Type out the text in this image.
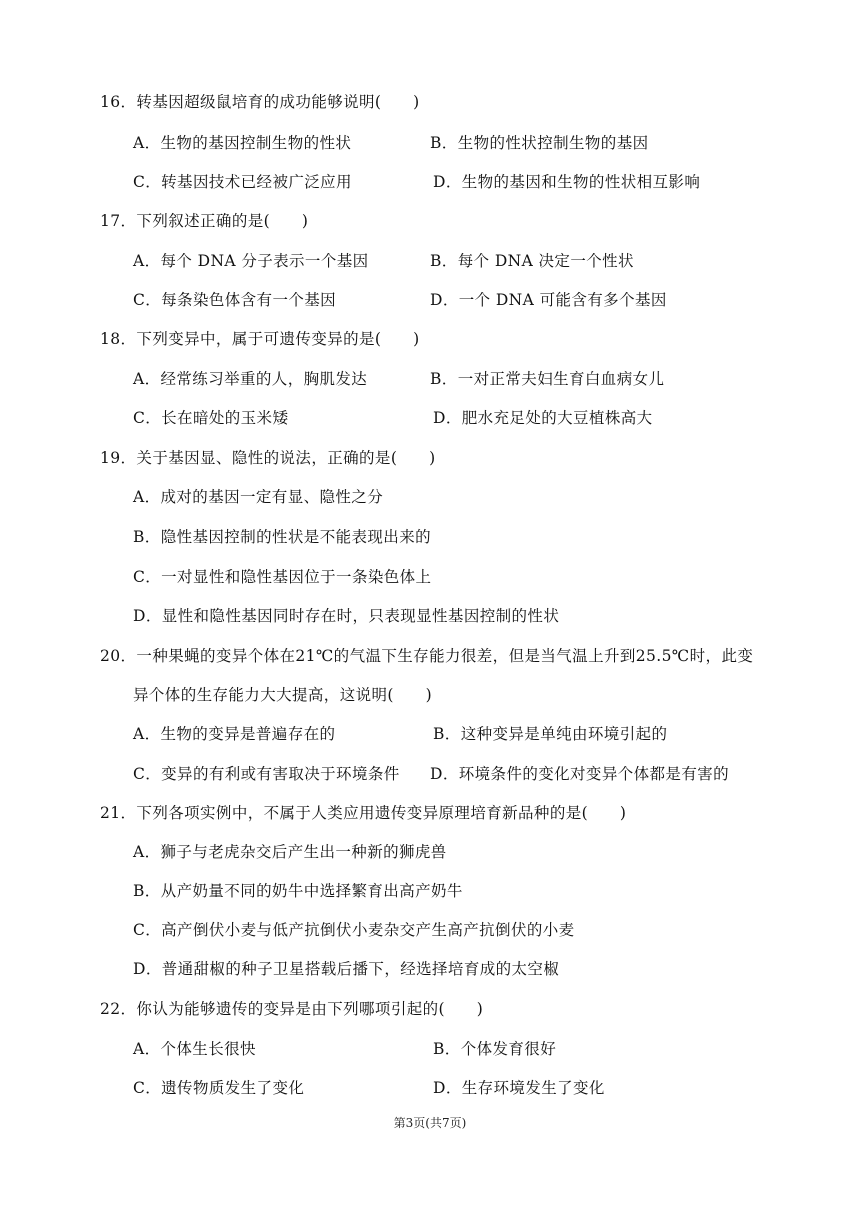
16．转基因超级鼠培育的成功能够说明(　　)
A．生物的基因控制生物的性状	B．生物的性状控制生物的基因
C．转基因技术已经被广泛应用	D．生物的基因和生物的性状相互影响
17．下列叙述正确的是(　　)
A．每个 DNA 分子表示一个基因	B．每个 DNA 决定一个性状
C．每条染色体含有一个基因	D．一个 DNA 可能含有多个基因
18．下列变异中，属于可遗传变异的是(　　)
A．经常练习举重的人，胸肌发达	B．一对正常夫妇生育白血病女儿
C．长在暗处的玉米矮	D．肥水充足处的大豆植株高大
19．关于基因显、隐性的说法，正确的是(　　)
A．成对的基因一定有显、隐性之分
B．隐性基因控制的性状是不能表现出来的
C．一对显性和隐性基因位于一条染色体上
D．显性和隐性基因同时存在时，只表现显性基因控制的性状
20．一种果蝇的变异个体在21℃的气温下生存能力很差，但是当气温上升到25.5℃时，此变
异个体的生存能力大大提高，这说明(　　)
A．生物的变异是普遍存在的	B．这种变异是单纯由环境引起的
C．变异的有利或有害取决于环境条件 D．环境条件的变化对变异个体都是有害的
21．下列各项实例中，不属于人类应用遗传变异原理培育新品种的是(　　)
A．狮子与老虎杂交后产生出一种新的狮虎兽
B．从产奶量不同的奶牛中选择繁育出高产奶牛
C．高产倒伏小麦与低产抗倒伏小麦杂交产生高产抗倒伏的小麦
D．普通甜椒的种子卫星搭载后播下，经选择培育成的太空椒
22．你认为能够遗传的变异是由下列哪项引起的(　　)
A．个体生长很快	B．个体发育很好
C．遗传物质发生了变化	D．生存环境发生了变化
第3页(共7页)
